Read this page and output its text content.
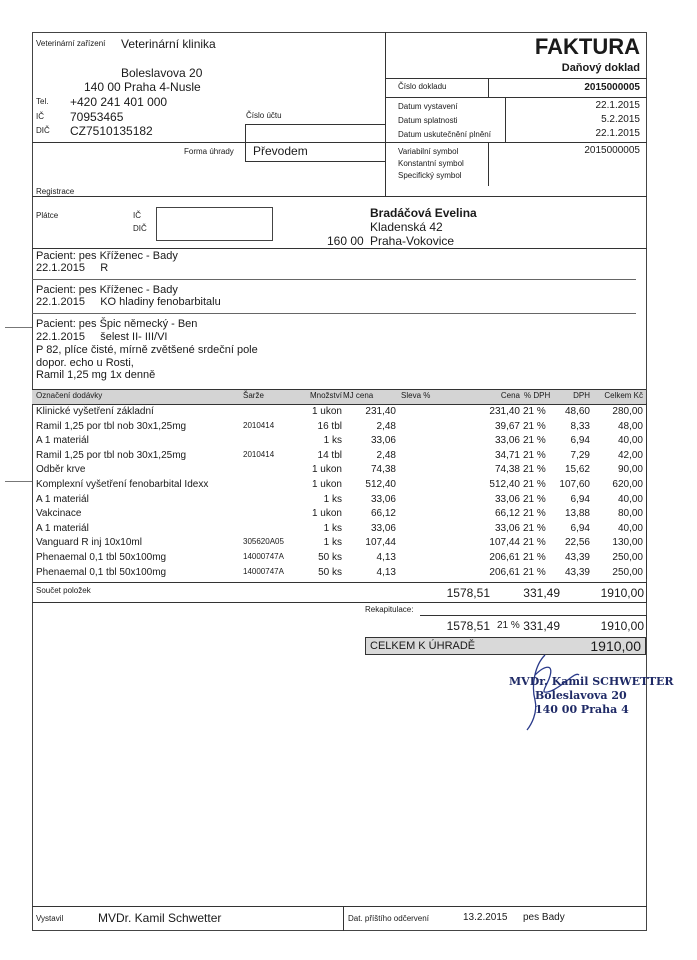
Veterinární zařízení Veterinární klinika
Boleslavova 20
140 00 Praha 4-Nusle
Tel. +420 241 401 000
IČ 70953465
DIČ CZ7510135182
Číslo účtu
Forma úhrady Převodem
Registrace
FAKTURA
Daňový doklad
Číslo dokladu	2015000005
Datum vystavení	22.1.2015
Datum splatnosti	5.2.2015
Datum uskutečnění plnění	22.1.2015
Variabilní symbol	2015000005
Konstantní symbol
Specifický symbol
Plátce	IČ
DIČ
Bradáčová Evelina
Kladenská 42
160 00 Praha-Vokovice
Pacient: pes Kříženec - Bady
22.1.2015     R
Pacient: pes Kříženec - Bady
22.1.2015     KO hladiny fenobarbitalu
Pacient: pes Špic německý - Ben
22.1.2015     šelest II- III/VI
P 82, plíce čisté, mírně zvětšené srdeční pole
dopor. echo u Rosti,
Ramil 1,25 mg 1x denně
Označení dodávky	Šarže	Množství MJ cena	Sleva %	Cena % DPH	DPH	Celkem Kč
Klinické vyšetření základní	1 ukon	231,40	231,40 21 %	48,60	280,00
Ramil 1,25 por tbl nob 30x1,25mg	2010414	16 tbl	2,48	39,67 21 %	8,33	48,00
A 1 materiál	1 ks	33,06	33,06 21 %	6,94	40,00
Ramil 1,25 por tbl nob 30x1,25mg	2010414	14 tbl	2,48	34,71 21 %	7,29	42,00
Odběr krve	1 ukon	74,38	74,38 21 %	15,62	90,00
Komplexní vyšetření fenobarbital Idexx	1 ukon	512,40	512,40 21 %	107,60	620,00
A 1 materiál	1 ks	33,06	33,06 21 %	6,94	40,00
Vakcinace	1 ukon	66,12	66,12 21 %	13,88	80,00
A 1 materiál	1 ks	33,06	33,06 21 %	6,94	40,00
Vanguard R inj 10x10ml	305620A05	1 ks	107,44	107,44 21 %	22,56	130,00
Phenaemal 0,1 tbl 50x100mg	14000747A	50 ks	4,13	206,61 21 %	43,39	250,00
Phenaemal 0,1 tbl 50x100mg	14000747A	50 ks	4,13	206,61 21 %	43,39	250,00
Součet položek	1578,51	331,49	1910,00
Rekapitulace:
1578,51 21 % 331,49	1910,00
CELKEM K ÚHRADĚ	1910,00
MVDr. Kamil SCHWETTER
Boleslavova 20
140 00 Praha 4
Vystavil	MVDr. Kamil Schwetter	Dat. příštího odčervení	13.2.2015 pes Bady
